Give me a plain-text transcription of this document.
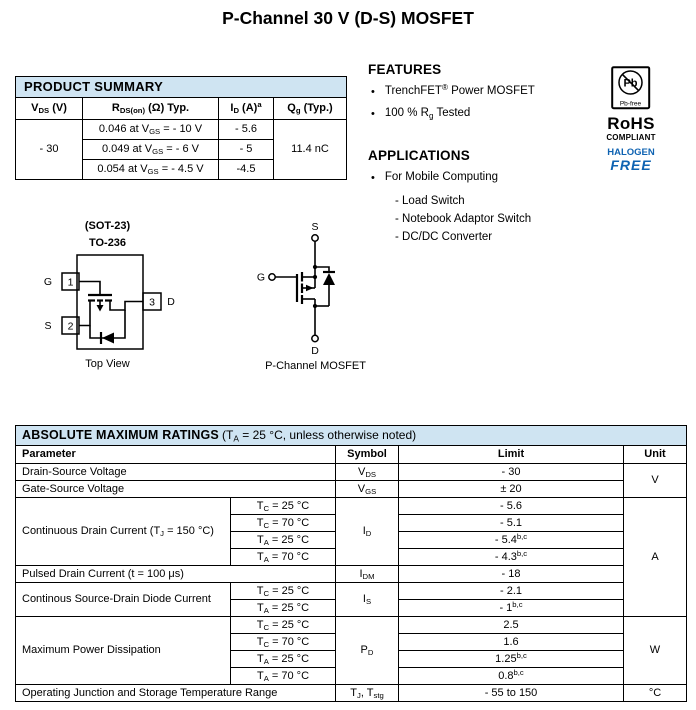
P-Channel 30 V (D-S) MOSFET
PRODUCT SUMMARY			
$V_{DS}$ (V)	$R_{DS(on)}$ (Ω) Typ.	$I_D$ $(A)^a$	$Q_g$ (Typ.)
- 30	0.046 at $V_{GS}$ = - 10 V	- 5.6	11.4 nC
	0.049 at $V_{GS}$ = - 6 V	- 5	
	0.054 at $V_{GS}$ = - 4.5 V	-4.5	
FEATURES
• TrenchFET® Power MOSFET
• 100 % $R_g$ Tested
APPLICATIONS
• For Mobile Computing
- Load Switch
- Notebook Adaptor Switch
- DC/DC Converter
Pb
Pb-free
RoHS
COMPLIANT
HALOGEN
FREE
(SOT-23)
TO-236
1
2
3
G
S
D
Top View
S
G
D
P-Channel MOSFET
ABSOLUTE MAXIMUM RATINGS ($T_A = 25$ °C, unless otherwise noted)				
Parameter		Symbol	Limit	Unit
Drain-Source Voltage		$V_{DS}$	- 30	V
Gate-Source Voltage		$V_{GS}$	± 20	
Continuous Drain Current ($T_J = 150$ °C)	$T_C = 25$ °C	$I_D$	- 5.6	A
	$T_C = 70$ °C		- 5.1	
	$T_A = 25$ °C		- 5.4$^{b,c}$
	$T_A = 70$ °C		- 4.3$^{b,c}$
Pulsed Drain Current (t = 100 μs)		$I_{DM}$	- 18	
Continous Source-Drain Diode Current	$T_C = 25$ °C	$I_S$	- 2.1	
	$T_A = 25$ °C		- 1$^{b,c}$
Maximum Power Dissipation	$T_C = 25$ °C	$P_D$	2.5	W
	$T_C = 70$ °C		1.6	
	$T_A = 25$ °C		1.25$^{b,c}$
	$T_A = 70$ °C		0.8$^{b,c}$
Operating Junction and Storage Temperature Range		$T_J$, $T_{stg}$	- 55 to 150	°C
